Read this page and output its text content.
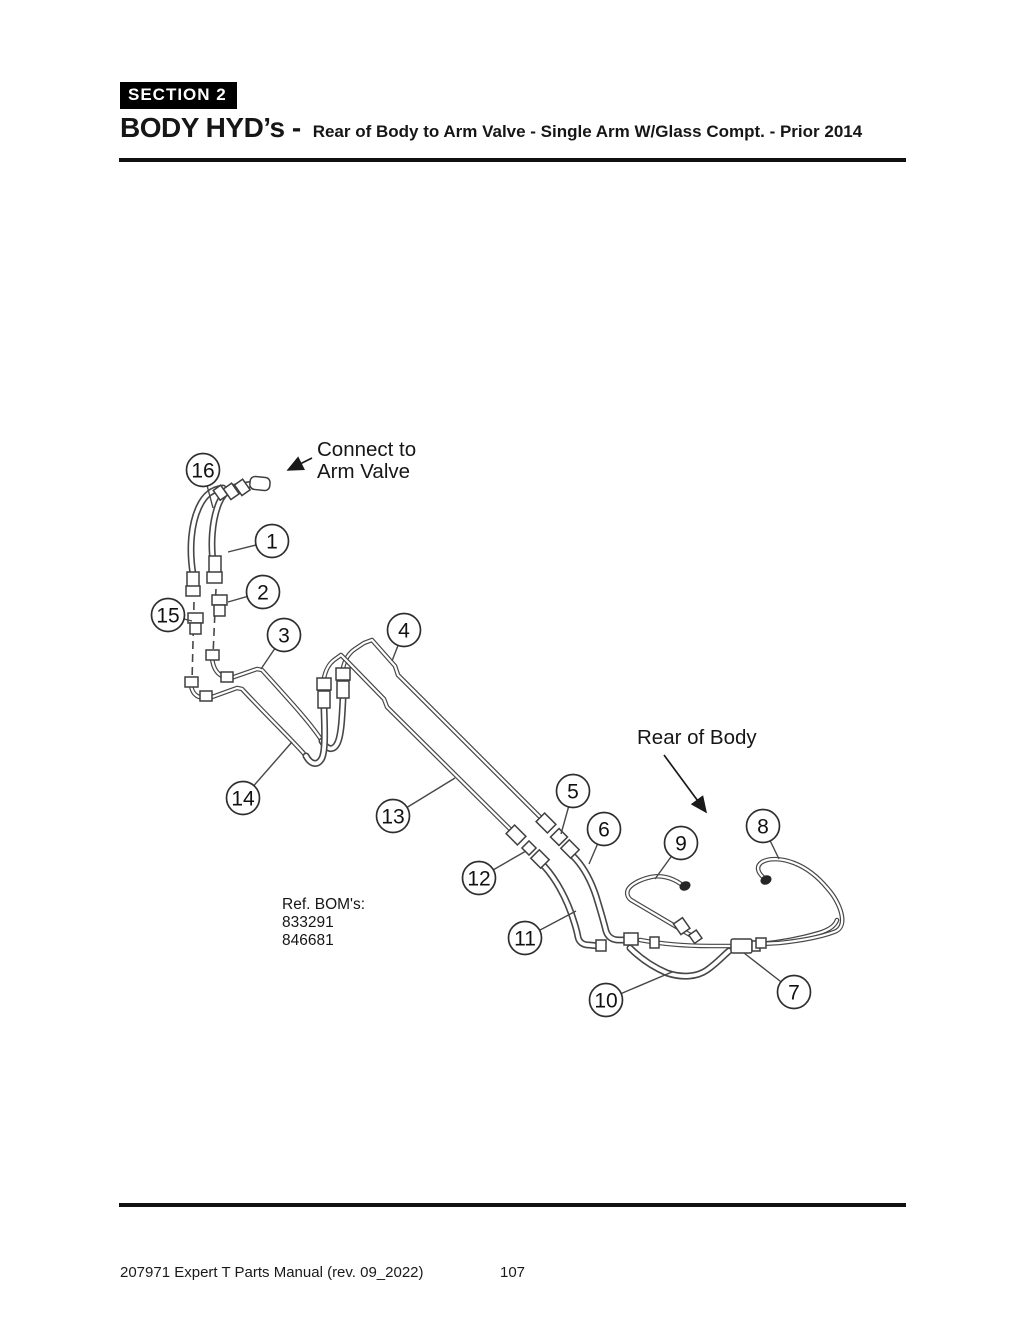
SECTION 2
BODY HYD’s - Rear of Body to Arm Valve - Single Arm W/Glass Compt. - Prior 2014
16
1
2
15
3	4
14
13
5
6
12
11
10	7
9
8
Connect to
Arm Valve
Rear of Body
Ref. BOM's:
833291
846681
207971 Expert T Parts Manual (rev. 09_2022)	107
